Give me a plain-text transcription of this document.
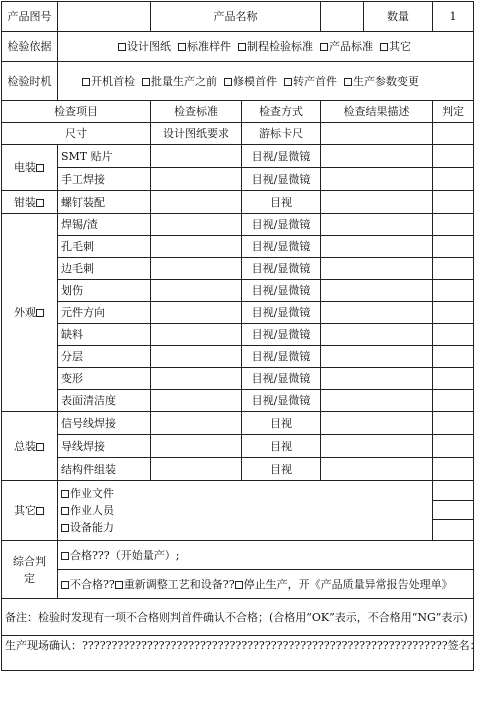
产品图号		产品名称			数量	1
检验依据	设计图纸 标准样件 制程检验标准 产品标准 其它					
检验时机	开机首检 批量生产之前 修模首件 转产首件 生产参数变更					
检查项目		检查标准	检查方式	检查结果描述		判定
尺寸		设计图纸要求	游标卡尺			
电装	SMT 贴片		目视/显微镜			
	手工焊接		目视/显微镜			
钳装	螺钉装配		目视			
外观	焊锡/渣		目视/显微镜			
	孔毛刺		目视/显微镜			
	边毛刺		目视/显微镜			
	划伤		目视/显微镜			
	元件方向		目视/显微镜			
	缺料		目视/显微镜			
	分层		目视/显微镜			
	变形		目视/显微镜			
	表面清洁度		目视/显微镜			
总装	信号线焊接		目视			
	导线焊接		目视			
	结构件组装		目视			
其它	作业文件
作业人员
设备能力					

综合判
定	合格???（开始量产）;					
	不合格?? 重新调整工艺和设备?? 停止生产，开《产品质量异常报告处理单》					
备注：检验时发现有一项不合格则判首件确认不合格；(合格用“OK”表示，不合格用“NG”表示)						
生产现场确认：??????????????????????????????????????????????????????????????签名：						
